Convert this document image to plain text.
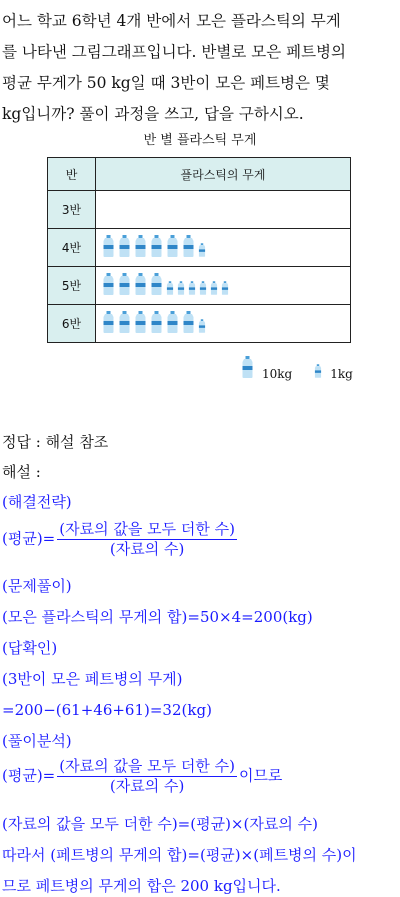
어느 학교 6학년 4개 반에서 모은 플라스틱의 무게

를 나타낸 그림그래프입니다. 반별로 모은 페트병의

평균 무게가 50 kg일 때 3반이 모은 페트병은 몇

kg입니까? 풀이 과정을 쓰고, 답을 구하시오.

반 별 플라스틱 무게
반	플라스틱의 무게
3반	
4반	
5반	
6반	
10kg	1kg
정답 : 해설 참조
해설 :
(해결전략)
(평균)= $\frac{\text{(자료의 값을 모두 더한 수)}}{\text{(자료의 수)}}$
(문제풀이)
(모은 플라스틱의 무게의 합)=50×4=200(kg)
(답확인)
(3반이 모은 페트병의 무게)
=200−(61+46+61)=32(kg)
(풀이분석)
(평균)= $\frac{\text{(자료의 값을 모두 더한 수)}}{\text{(자료의 수)}}$ 이므로
(자료의 값을 모두 더한 수)=(평균)×(자료의 수)
따라서 (페트병의 무게의 합)=(평균)×(페트병의 수)이
므로 페트병의 무게의 합은 200 kg입니다.
